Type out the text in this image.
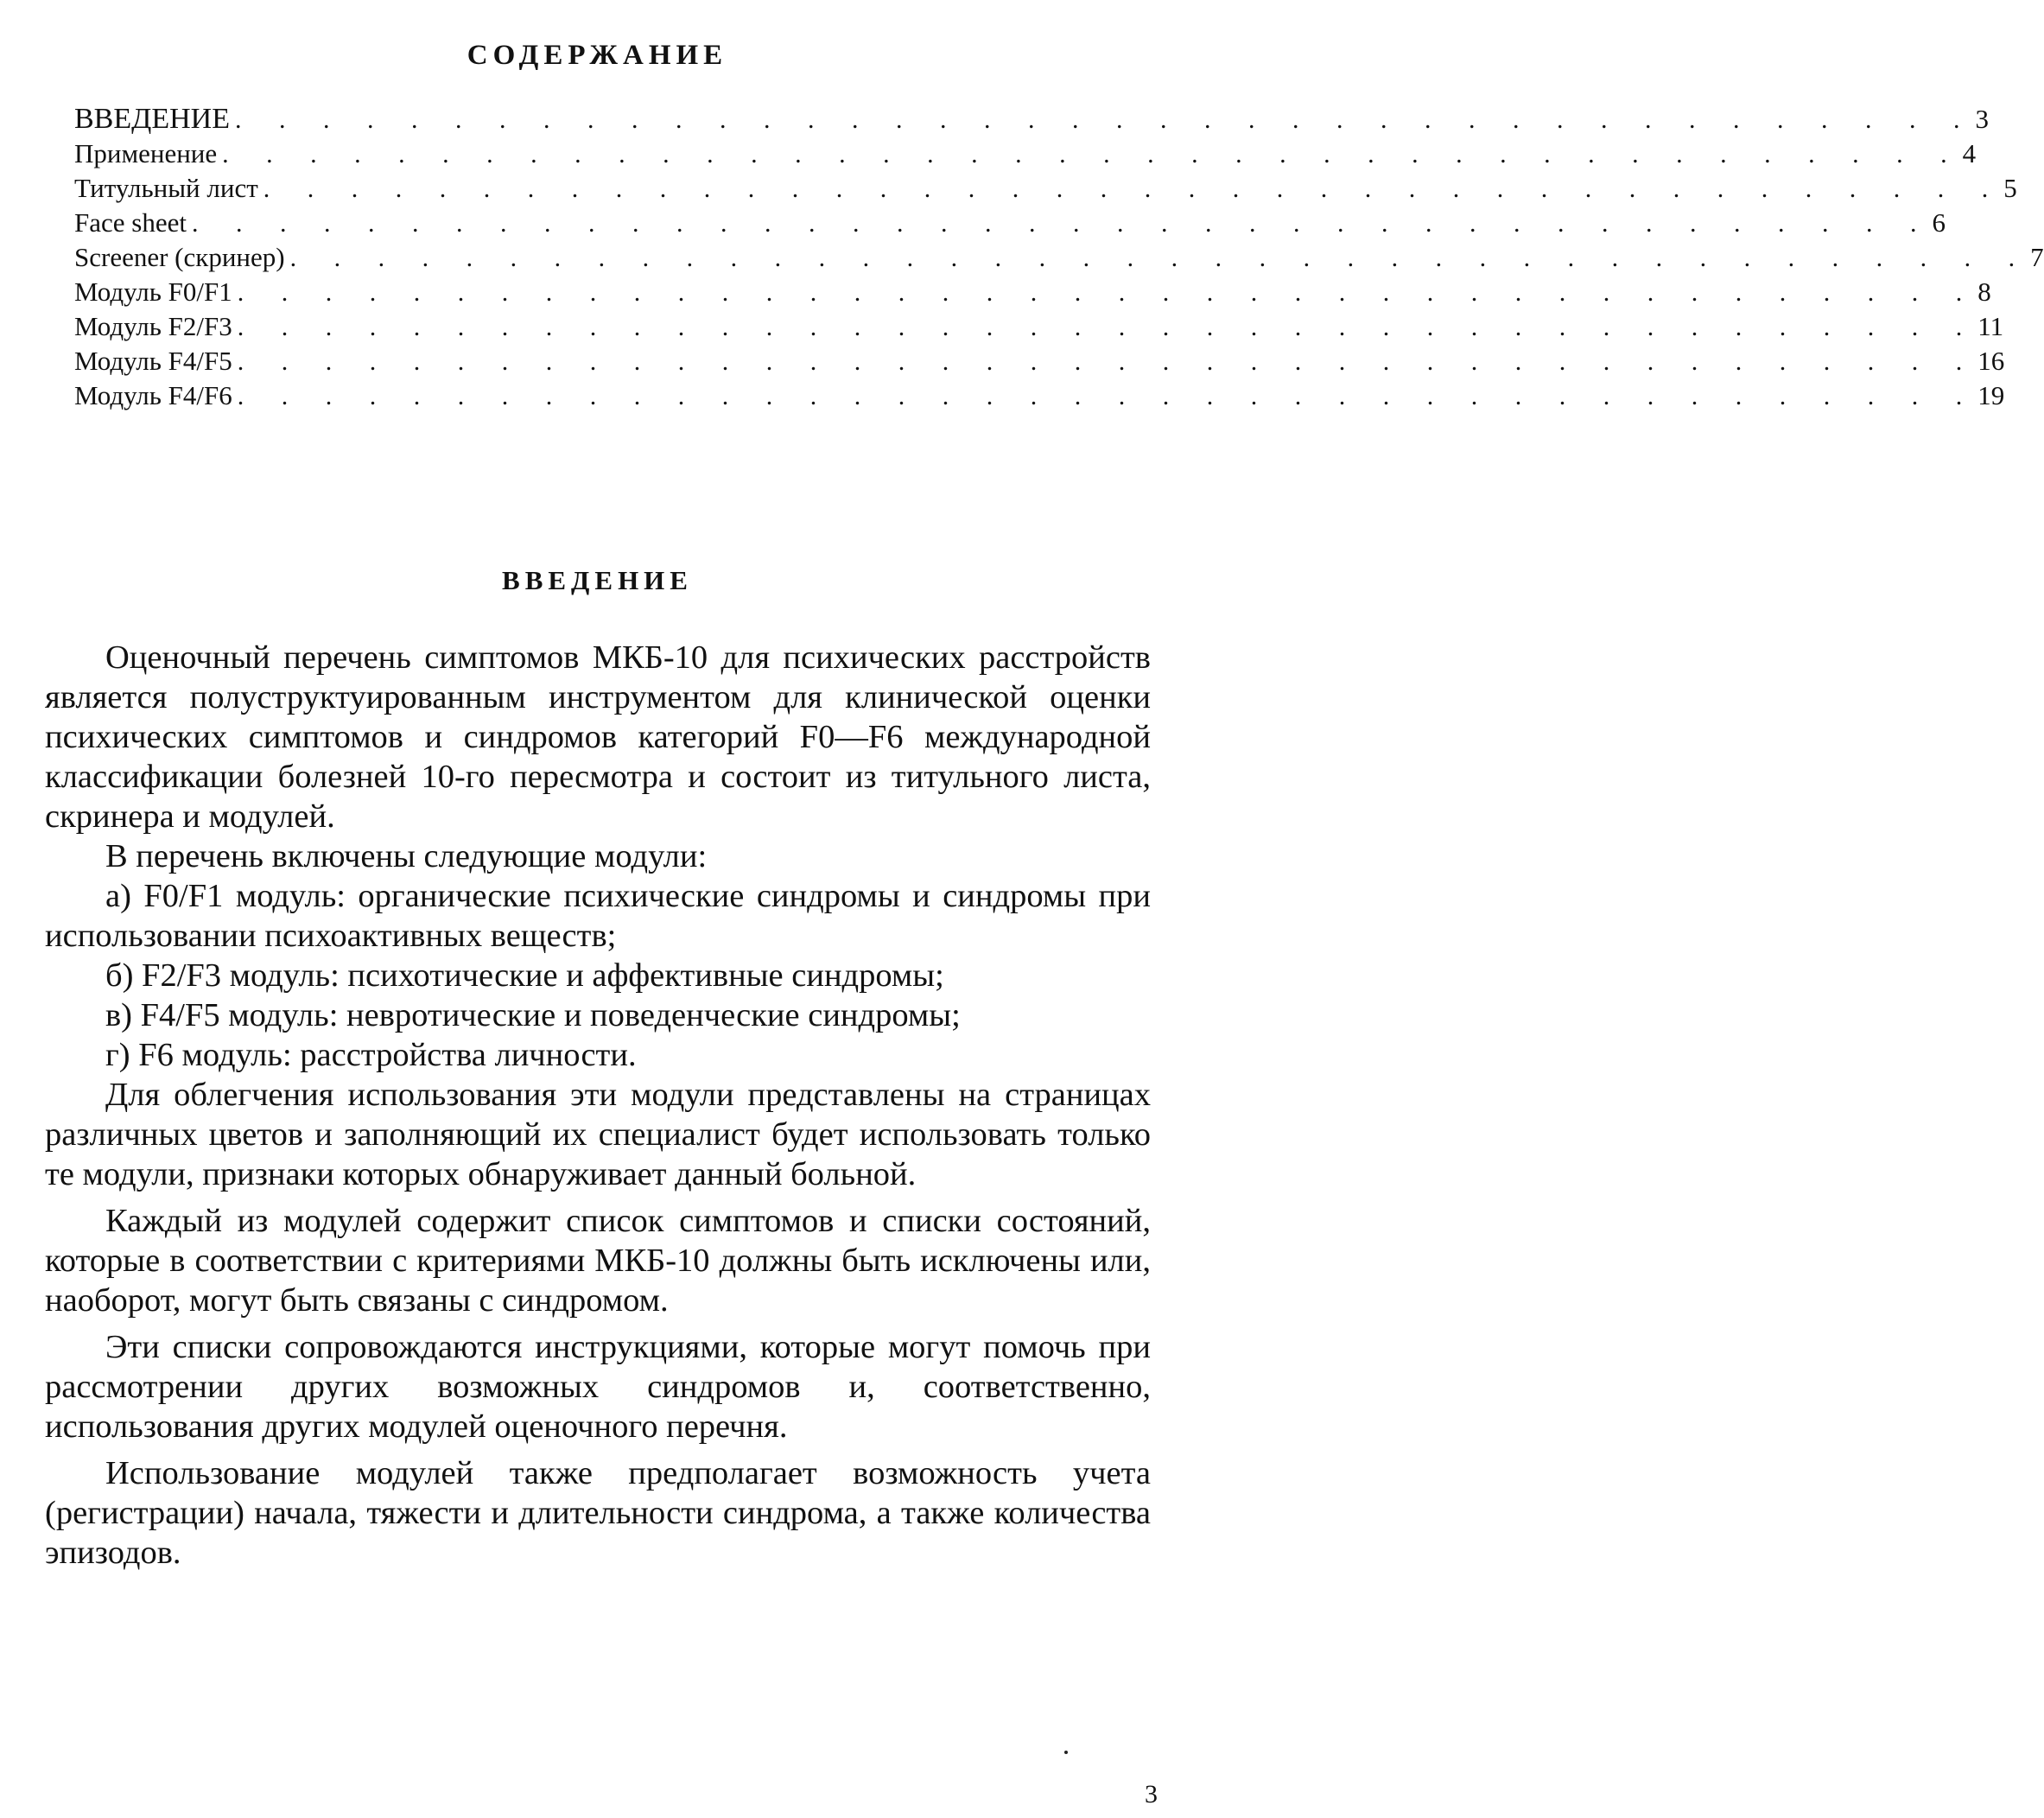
СОДЕРЖАНИЕ
ВВЕДЕНИЕ . . . . . . . . . . . . . . . . . . . . . . . . . . . . . . . . . . . . . . . . 3
Применение . . . . . . . . . . . . . . . . . . . . . . . . . . . . . . . . . . . . . . . . 4
Титульный лист . . . . . . . . . . . . . . . . . . . . . . . . . . . . . . . . . . . . . . . . 5
Face sheet . . . . . . . . . . . . . . . . . . . . . . . . . . . . . . . . . . . . . . . . 6
Screener (скринер) . . . . . . . . . . . . . . . . . . . . . . . . . . . . . . . . . . . . . . . . 7
Модуль F0/F1 . . . . . . . . . . . . . . . . . . . . . . . . . . . . . . . . . . . . . . . . 8
Модуль F2/F3 . . . . . . . . . . . . . . . . . . . . . . . . . . . . . . . . . . . . . . . . 11
Модуль F4/F5 . . . . . . . . . . . . . . . . . . . . . . . . . . . . . . . . . . . . . . . . 16
Модуль F4/F6 . . . . . . . . . . . . . . . . . . . . . . . . . . . . . . . . . . . . . . . . 19
ВВЕДЕНИЕ

Оценочный перечень симптомов МКБ-10 для психических расстройств является полуструктуированным инструментом для клинической оценки психических симптомов и синдромов категорий F0—F6 международной классификации болезней 10-го пересмотра и состоит из титульного листа, скринера и модулей.

В перечень включены следующие модули:

а) F0/F1 модуль: органические психические синдромы и синдромы при использовании психоактивных веществ;

б) F2/F3 модуль: психотические и аффективные синдромы;

в) F4/F5 модуль: невротические и поведенческие синдромы;

г) F6 модуль: расстройства личности.

Для облегчения использования эти модули представлены на страницах различных цветов и заполняющий их специалист будет использовать только те модули, признаки которых обнаруживает данный больной.

Каждый из модулей содержит список симптомов и списки состояний, которые в соответствии с критериями МКБ-10 должны быть исключены или, наоборот, могут быть связаны с синдромом.

Эти списки сопровождаются инструкциями, которые могут помочь при рассмотрении других возможных синдромов и, соответственно, использования других модулей оценочного перечня.

Использование модулей также предполагает возможность учета (регистрации) начала, тяжести и длительности синдрома, а также количества эпизодов.

3
